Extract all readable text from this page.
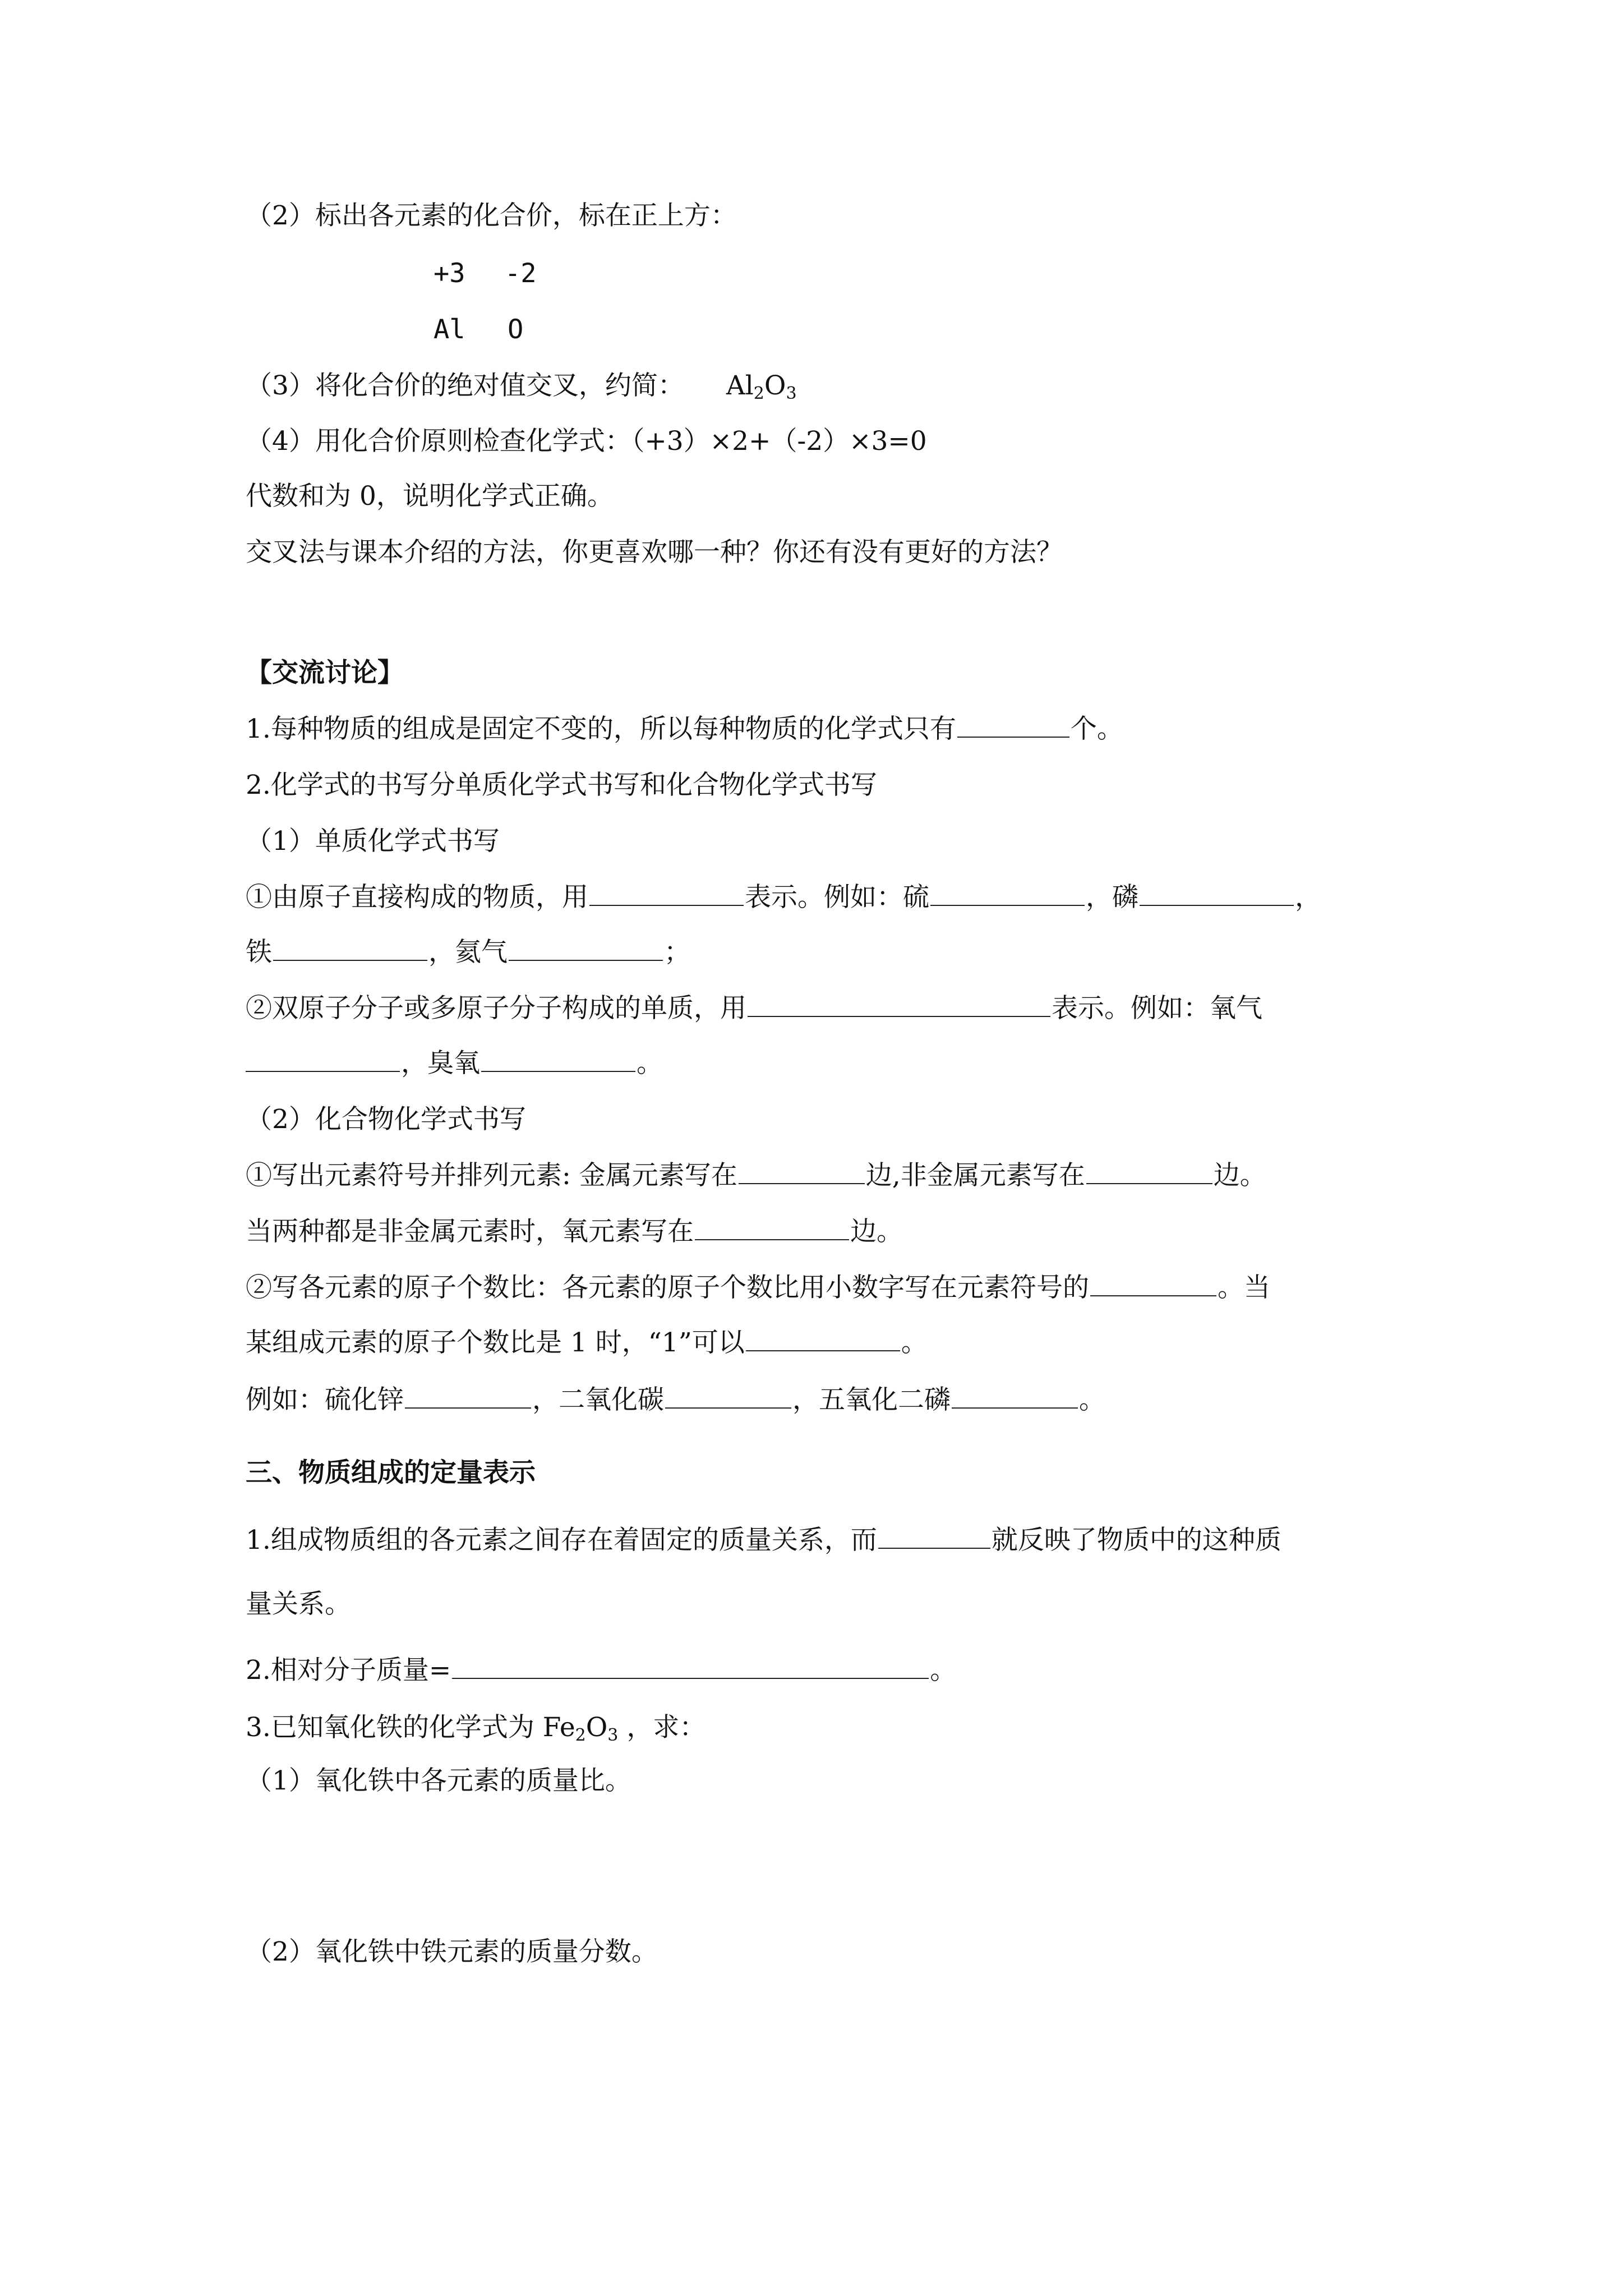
（2）标出各元素的化合价，标在正上方：
+3 -2
Al O
（3）将化合价的绝对值交叉，约简： $Al_2O_3$
（4）用化合价原则检查化学式：（+3）×2+（-2）×3=0
代数和为 0，说明化学式正确。
交叉法与课本介绍的方法，你更喜欢哪一种？你还有没有更好的方法？
【交流讨论】
1.每种物质的组成是固定不变的，所以每种物质的化学式只有	个。
2.化学式的书写分单质化学式书写和化合物化学式书写
（1）单质化学式书写
①由原子直接构成的物质，用	表示。例如：硫	，磷	，
铁	，氦气	；
②双原子分子或多原子分子构成的单质，用	表示。例如：氧气
，臭氧	。
（2）化合物化学式书写
①写出元素符号并排列元素: 金属元素写在	边,非金属元素写在	边。
当两种都是非金属元素时，氧元素写在	边。
②写各元素的原子个数比：各元素的原子个数比用小数字写在元素符号的	。当
某组成元素的原子个数比是 1 时，“1”可以	。
例如：硫化锌	，二氧化碳	，五氧化二磷	。
三、物质组成的定量表示
1.组成物质组的各元素之间存在着固定的质量关系，而	就反映了物质中的这种质
量关系。
2.相对分子质量=	。
3.已知氧化铁的化学式为 $Fe_2O_3$ ，求：
（1）氧化铁中各元素的质量比。
（2）氧化铁中铁元素的质量分数。
